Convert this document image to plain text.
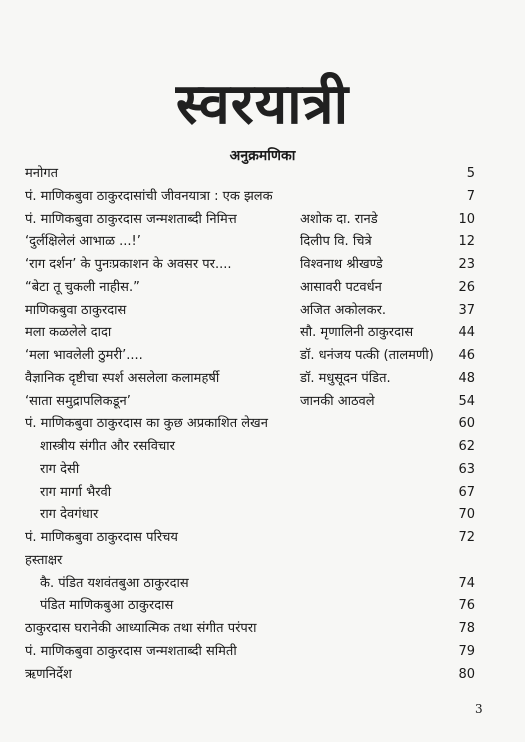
स्वरयात्री
अनुक्रमणिका
मनोगत	5
पं. माणिकबुवा ठाकुरदासांची जीवनयात्रा : एक झलक	7
पं. माणिकबुवा ठाकुरदास जन्मशताब्दी निमित्त	अशोक दा. रानडे	10
‘दुर्लक्षिलेलं आभाळ ...!’	दिलीप वि. चित्रे	12
‘राग दर्शन’ के पुनःप्रकाशन के अवसर पर....	विश्वनाथ श्रीखण्डे	23
“बेटा तू चुकली नाहीस.”	आसावरी पटवर्धन	26
माणिकबुवा ठाकुरदास	अजित अकोलकर.	37
मला कळलेले दादा	सौ. मृणालिनी ठाकुरदास	44
‘मला भावलेली ठुमरी’....	डॉ. धनंजय पत्की (तालमणी)	46
वैज्ञानिक दृष्टीचा स्पर्श असलेला कलामहर्षी	डॉ. मधुसूदन पंडित.	48
‘साता समुद्रापलिकडून’	जानकी आठवले	54
पं. माणिकबुवा ठाकुरदास का कुछ अप्रकाशित लेखन	60
शास्त्रीय संगीत और रसविचार	62
राग देसी	63
राग मार्गा भैरवी	67
राग देवगंधार	70
पं. माणिकबुवा ठाकुरदास परिचय	72
हस्ताक्षर
कै. पंडित यशवंतबुआ ठाकुरदास	74
पंडित माणिकबुआ ठाकुरदास	76
ठाकुरदास घरानेकी आध्यात्मिक तथा संगीत परंपरा	78
पं. माणिकबुवा ठाकुरदास जन्मशताब्दी समिती	79
ऋणनिर्देश	80
3
